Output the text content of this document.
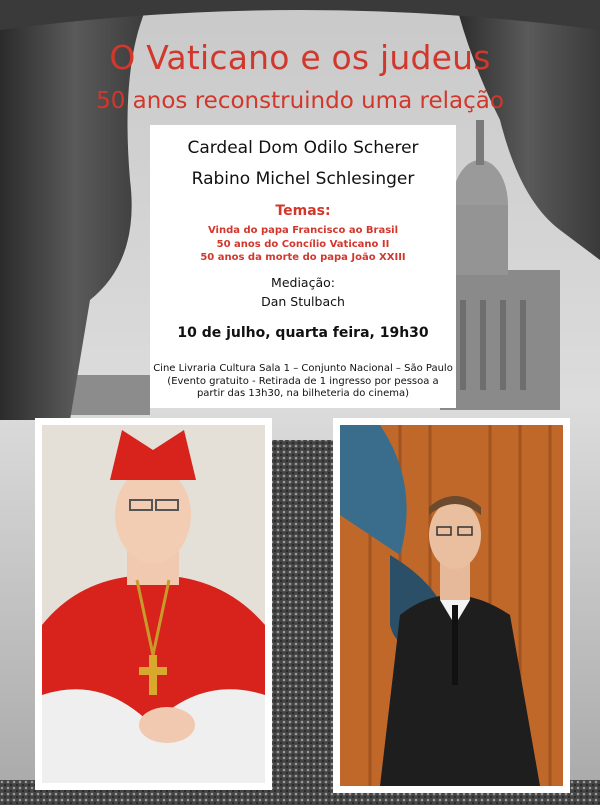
O Vaticano e os judeus
50 anos reconstruindo uma relação
Cardeal Dom Odilo Scherer
Rabino Michel Schlesinger
Temas:
Vinda do papa Francisco ao Brasil
50 anos do Concílio Vaticano II
50 anos da morte do papa João XXIII
Mediação:
Dan Stulbach
10 de julho, quarta feira, 19h30
Cine Livraria Cultura Sala 1 – Conjunto Nacional – São Paulo
(Evento gratuito - Retirada de 1 ingresso por pessoa a
partir das 13h30, na bilheteria do cinema)
